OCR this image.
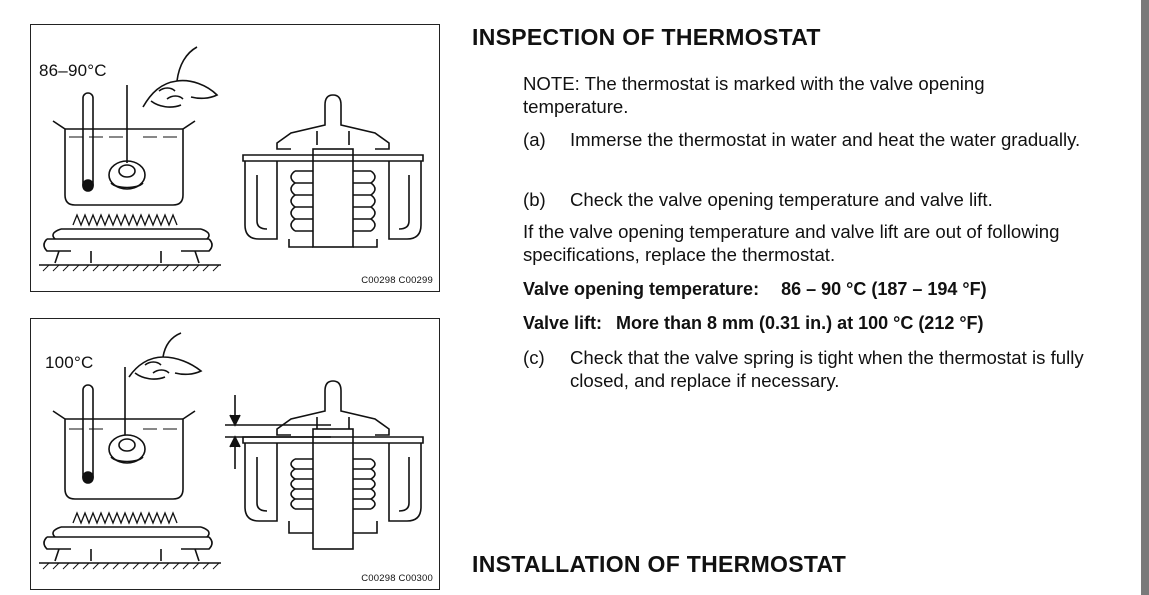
86–90°C
C00298 C00299
100°C
C00298 C00300
INSPECTION OF THERMOSTAT
NOTE: The thermostat is marked with the valve opening temperature.
(a)	Immerse the thermostat in water and heat the water gradually.
(b)	Check the valve opening temperature and valve lift.
If the valve opening temperature and valve lift are out of following specifications, replace the thermostat.
Valve opening temperature: 86 – 90 °C (187 – 194 °F)
Valve lift: More than 8 mm (0.31 in.) at 100 °C (212 °F)
(c)	Check that the valve spring is tight when the thermostat is fully closed, and replace if necessary.
INSTALLATION OF THERMOSTAT
